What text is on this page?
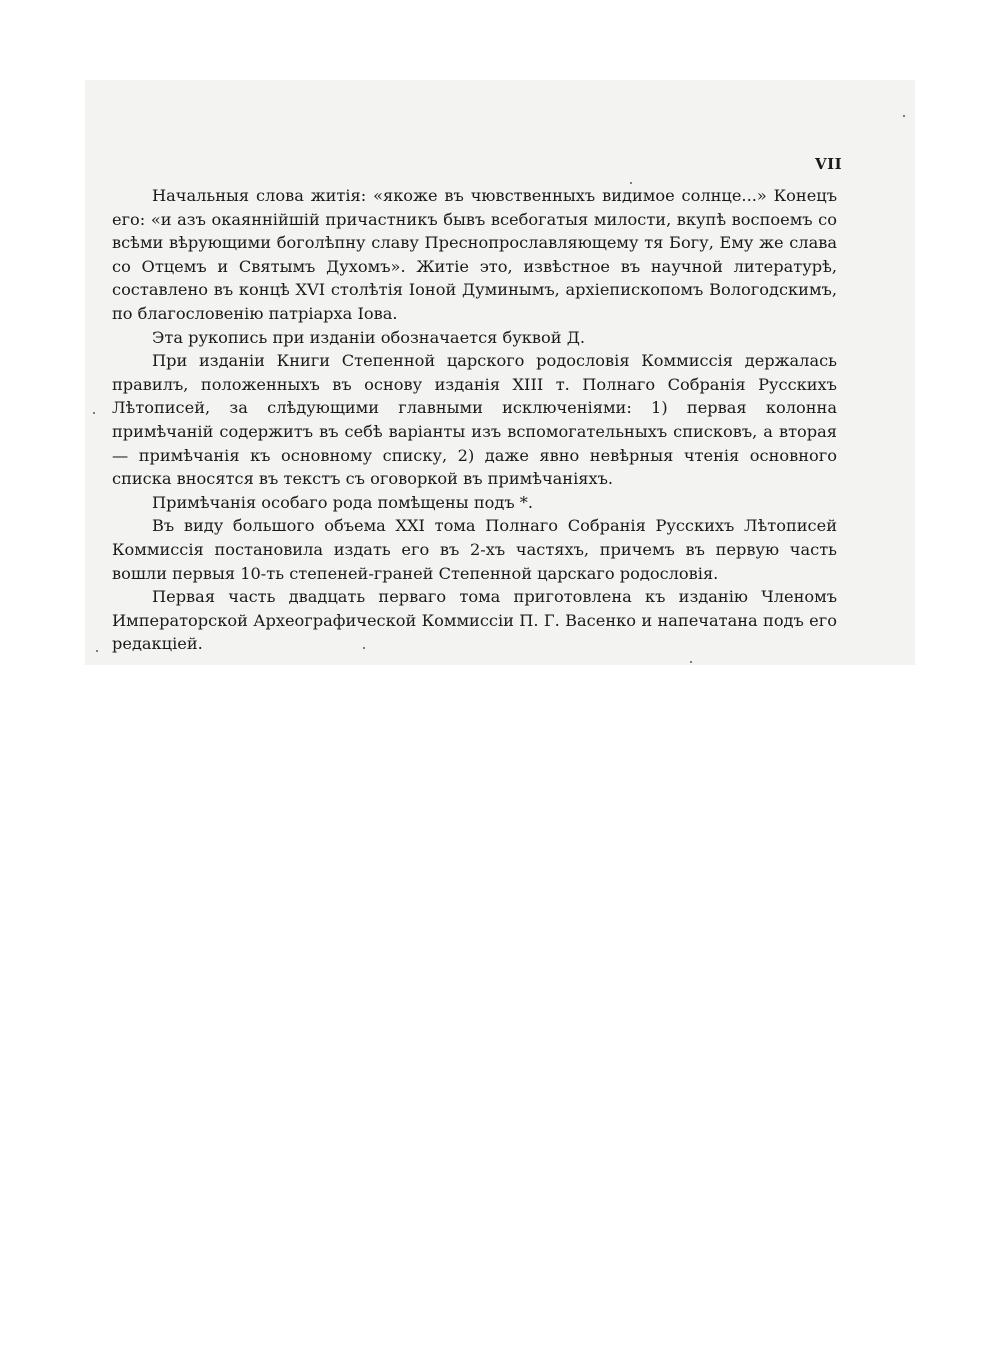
VII

Начальныя слова житія: «якоже въ чювственныхъ видимое солнце...» Конецъ его: «и азъ окаяннійшій причастникъ бывъ всебогатыя милости, вкупѣ воспоемъ со всѣми вѣрующими боголѣпну славу Преснопрославляющему тя Богу, Ему же слава со Отцемъ и Святымъ Духомъ». Житіе это, извѣстное въ научной литературѣ, составлено въ концѣ XVI столѣтія Іоной Думинымъ, архіепископомъ Вологодскимъ, по благословенію патріарха Іова.

Эта рукопись при изданіи обозначается буквой Д.

При изданіи Книги Степенной царского родословія Коммиссія держалась правилъ, положенныхъ въ основу изданія XIII т. Полнаго Собранія Русскихъ Лѣтописей, за слѣдующими главными исключеніями: 1) первая колонна примѣчаній содержитъ въ себѣ варіанты изъ вспомогательныхъ списковъ, а вторая— примѣчанія къ основному списку, 2) даже явно невѣрныя чтенія основного списка вносятся въ текстъ съ оговоркой въ примѣчаніяхъ.

Примѣчанія особаго рода помѣщены подъ *.

Въ виду большого объема XXI тома Полнаго Собранія Русскихъ Лѣтописей Коммиссія постановила издать его въ 2-хъ частяхъ, причемъ въ первую часть вошли первыя 10-ть степеней-граней Степенной царскаго родословія.

Первая часть двадцать перваго тома приготовлена къ изданію Членомъ Императорской Археографической Коммиссіи П. Г. Васенко и напечатана подъ его редакціей.
